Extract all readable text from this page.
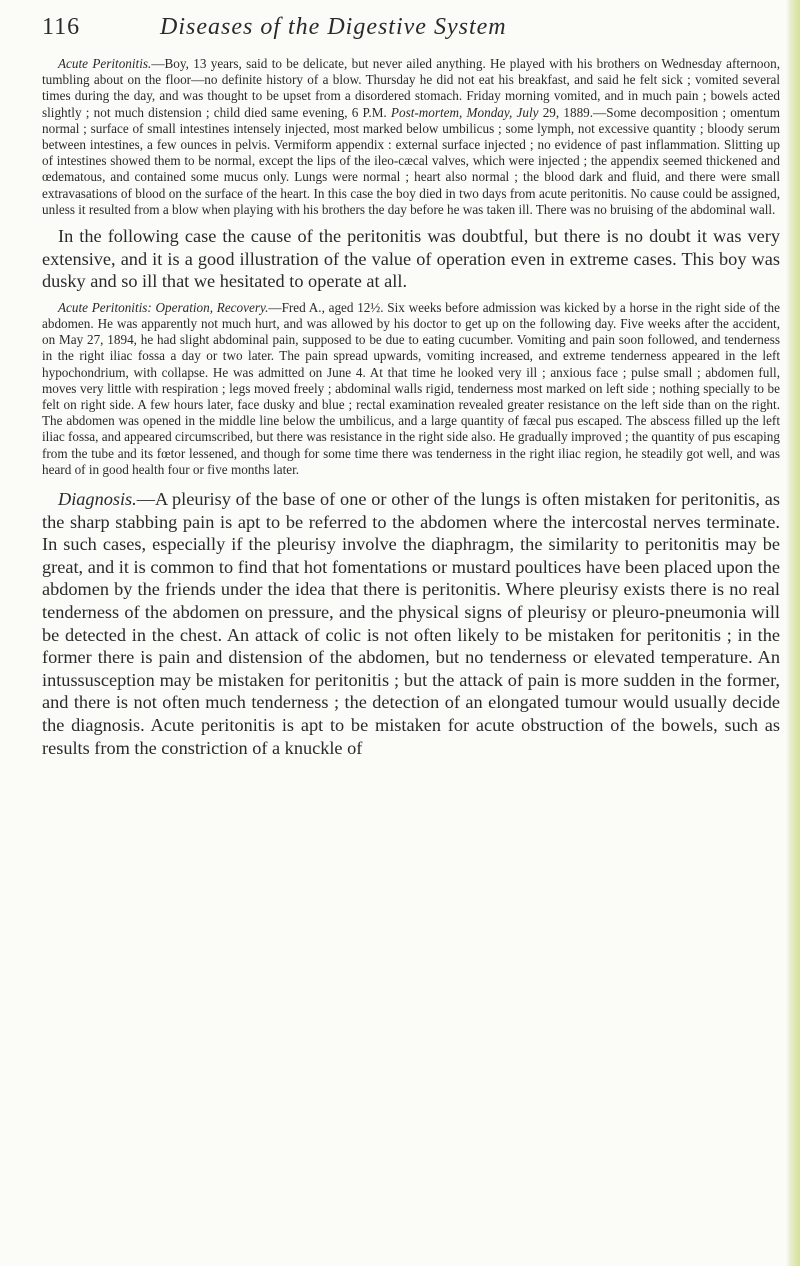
116	Diseases of the Digestive System

Acute Peritonitis.—Boy, 13 years, said to be delicate, but never ailed anything. He played with his brothers on Wednesday afternoon, tumbling about on the floor—no definite history of a blow. Thursday he did not eat his breakfast, and said he felt sick ; vomited several times during the day, and was thought to be upset from a disordered stomach. Friday morning vomited, and in much pain ; bowels acted slightly ; not much distension ; child died same evening, 6 P.M. Post-mortem, Monday, July 29, 1889.—Some decomposition ; omentum normal ; surface of small intestines intensely injected, most marked below umbilicus ; some lymph, not excessive quantity ; bloody serum between intestines, a few ounces in pelvis. Vermiform appendix : external surface injected ; no evidence of past inflammation. Slitting up of intestines showed them to be normal, except the lips of the ileo-cæcal valves, which were injected ; the appendix seemed thickened and œdematous, and contained some mucus only. Lungs were normal ; heart also normal ; the blood dark and fluid, and there were small extravasations of blood on the surface of the heart. In this case the boy died in two days from acute peritonitis. No cause could be assigned, unless it resulted from a blow when playing with his brothers the day before he was taken ill. There was no bruising of the abdominal wall.

In the following case the cause of the peritonitis was doubtful, but there is no doubt it was very extensive, and it is a good illustration of the value of operation even in extreme cases. This boy was dusky and so ill that we hesitated to operate at all.

Acute Peritonitis: Operation, Recovery.—Fred A., aged 12½. Six weeks before admission was kicked by a horse in the right side of the abdomen. He was apparently not much hurt, and was allowed by his doctor to get up on the following day. Five weeks after the accident, on May 27, 1894, he had slight abdominal pain, supposed to be due to eating cucumber. Vomiting and pain soon followed, and tenderness in the right iliac fossa a day or two later. The pain spread upwards, vomiting increased, and extreme tenderness appeared in the left hypochondrium, with collapse. He was admitted on June 4. At that time he looked very ill ; anxious face ; pulse small ; abdomen full, moves very little with respiration ; legs moved freely ; abdominal walls rigid, tenderness most marked on left side ; nothing specially to be felt on right side. A few hours later, face dusky and blue ; rectal examination revealed greater resistance on the left side than on the right. The abdomen was opened in the middle line below the umbilicus, and a large quantity of fæcal pus escaped. The abscess filled up the left iliac fossa, and appeared circumscribed, but there was resistance in the right side also. He gradually improved ; the quantity of pus escaping from the tube and its fœtor lessened, and though for some time there was tenderness in the right iliac region, he steadily got well, and was heard of in good health four or five months later.

Diagnosis.—A pleurisy of the base of one or other of the lungs is often mistaken for peritonitis, as the sharp stabbing pain is apt to be referred to the abdomen where the intercostal nerves terminate. In such cases, especially if the pleurisy involve the diaphragm, the similarity to peritonitis may be great, and it is common to find that hot fomentations or mustard poultices have been placed upon the abdomen by the friends under the idea that there is peritonitis. Where pleurisy exists there is no real tenderness of the abdomen on pressure, and the physical signs of pleurisy or pleuro-pneumonia will be detected in the chest. An attack of colic is not often likely to be mistaken for peritonitis ; in the former there is pain and distension of the abdomen, but no tenderness or elevated temperature. An intussusception may be mistaken for peritonitis ; but the attack of pain is more sudden in the former, and there is not often much tenderness ; the detection of an elongated tumour would usually decide the diagnosis. Acute peritonitis is apt to be mistaken for acute obstruction of the bowels, such as results from the constriction of a knuckle of
